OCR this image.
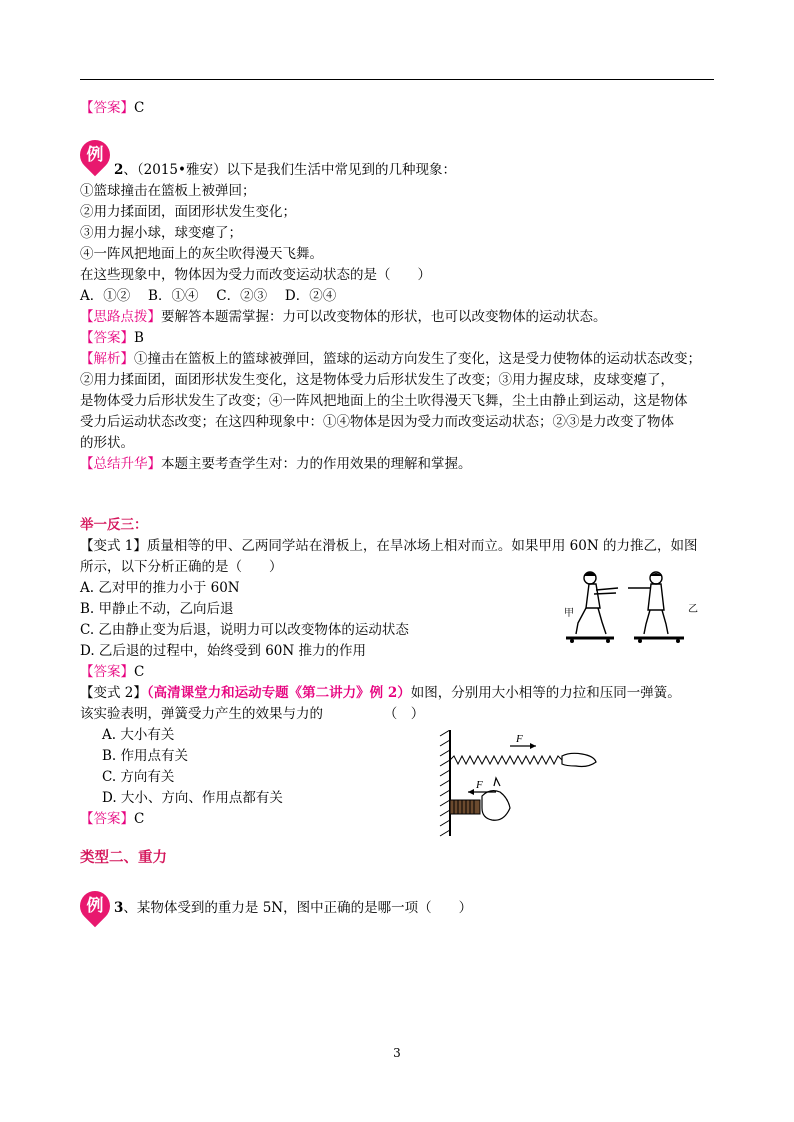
【答案】C
例
2、（2015•雅安）以下是我们生活中常见到的几种现象：
①篮球撞击在篮板上被弹回；
②用力揉面团，面团形状发生变化；
③用力握小球，球变瘪了；
④一阵风把地面上的灰尘吹得漫天飞舞。
在这些现象中，物体因为受力而改变运动状态的是（　　）
A．①②　 B．①④　 C．②③　 D．②④
【思路点拨】要解答本题需掌握：力可以改变物体的形状，也可以改变物体的运动状态。
【答案】B
【解析】①撞击在篮板上的篮球被弹回，篮球的运动方向发生了变化，这是受力使物体的运动状态改变；
②用力揉面团，面团形状发生变化，这是物体受力后形状发生了改变；③用力握皮球，皮球变瘪了，
是物体受力后形状发生了改变；④一阵风把地面上的尘土吹得漫天飞舞，尘土由静止到运动，这是物体
受力后运动状态改变；在这四种现象中：①④物体是因为受力而改变运动状态；②③是力改变了物体
的形状。
【总结升华】本题主要考查学生对：力的作用效果的理解和掌握。
举一反三：
【变式 1】质量相等的甲、乙两同学站在滑板上，在旱冰场上相对而立。如果甲用 60N 的力推乙，如图
所示，以下分析正确的是（　　）
A. 乙对甲的推力小于 60N
B. 甲静止不动，乙向后退
C. 乙由静止变为后退，说明力可以改变物体的运动状态
D. 乙后退的过程中，始终受到 60N 推力的作用
【答案】C
甲	乙
【变式 2】（高清课堂力和运动专题《第二讲力》例 2）如图，分别用大小相等的力拉和压同一弹簧。
该实验表明，弹簧受力产生的效果与力的　　　　　（　）
A. 大小有关
B. 作用点有关
C. 方向有关
D. 大小、方向、作用点都有关
【答案】C
F
F
类型二、重力
例 3、某物体受到的重力是 5N，图中正确的是哪一项（　　）
3
